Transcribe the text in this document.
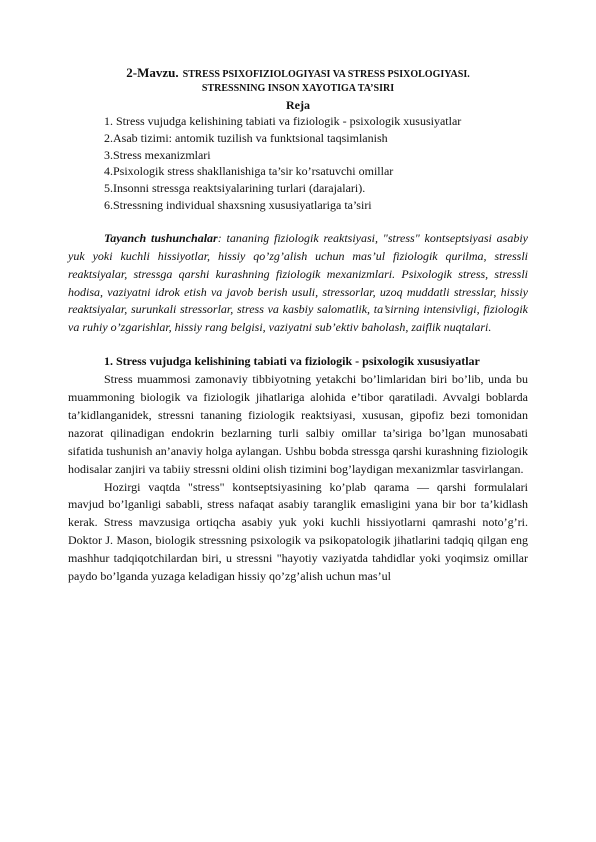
2-Mavzu. STRESS PSIXOFIZIOLOGIYASI VA STRESS PSIXOLOGIYASI.
STRESSNING INSON XAYOTIGA TA’SIRI
Reja
1. Stress vujudga kelishining tabiati va fiziologik - psixologik xususiyatlar
2.Asab tizimi: antomik tuzilish va funktsional taqsimlanish
3.Stress mexanizmlari
4.Psixologik stress shakllanishiga ta’sir ko’rsatuvchi omillar
5.Insonni stressga reaktsiyalarining turlari (darajalari).
6.Stressning individual shaxsning xususiyatlariga ta’siri

Tayanch tushunchalar: tananing fiziologik reaktsiyasi, "stress" kontseptsiyasi asabiy yuk yoki kuchli hissiyotlar, hissiy qo’zg’alish uchun mas’ul fiziologik qurilma, stressli reaktsiyalar, stressga qarshi kurashning fiziologik mexanizmlari. Psixologik stress, stressli hodisa, vaziyatni idrok etish va javob berish usuli, stressorlar, uzoq muddatli stresslar, hissiy reaktsiyalar, surunkali stressorlar, stress va kasbiy salomatlik, ta’sirning intensivligi, fiziologik va ruhiy o’zgarishlar, hissiy rang belgisi, vaziyatni sub’ektiv baholash, zaiflik nuqtalari.

1. Stress vujudga kelishining tabiati va fiziologik - psixologik xususiyatlar

Stress muammosi zamonaviy tibbiyotning yetakchi bo’limlaridan biri bo’lib, unda bu muammoning biologik va fiziologik jihatlariga alohida e’tibor qaratiladi. Avvalgi boblarda ta’kidlanganidek, stressni tananing fiziologik reaktsiyasi, xususan, gipofiz bezi tomonidan nazorat qilinadigan endokrin bezlarning turli salbiy omillar ta’siriga bo’lgan munosabati sifatida tushunish an’anaviy holga aylangan. Ushbu bobda stressga qarshi kurashning fiziologik hodisalar zanjiri va tabiiy stressni oldini olish tizimini bog’laydigan mexanizmlar tasvirlangan.

Hozirgi vaqtda "stress" kontseptsiyasining ko’plab qarama — qarshi formulalari mavjud bo’lganligi sababli, stress nafaqat asabiy taranglik emasligini yana bir bor ta’kidlash kerak. Stress mavzusiga ortiqcha asabiy yuk yoki kuchli hissiyotlarni qamrashi noto’g’ri. Doktor J. Mason, biologik stressning psixologik va psikopatologik jihatlarini tadqiq qilgan eng mashhur tadqiqotchilardan biri, u stressni "hayotiy vaziyatda tahdidlar yoki yoqimsiz omillar paydo bo’lganda yuzaga keladigan hissiy qo’zg’alish uchun mas’ul
